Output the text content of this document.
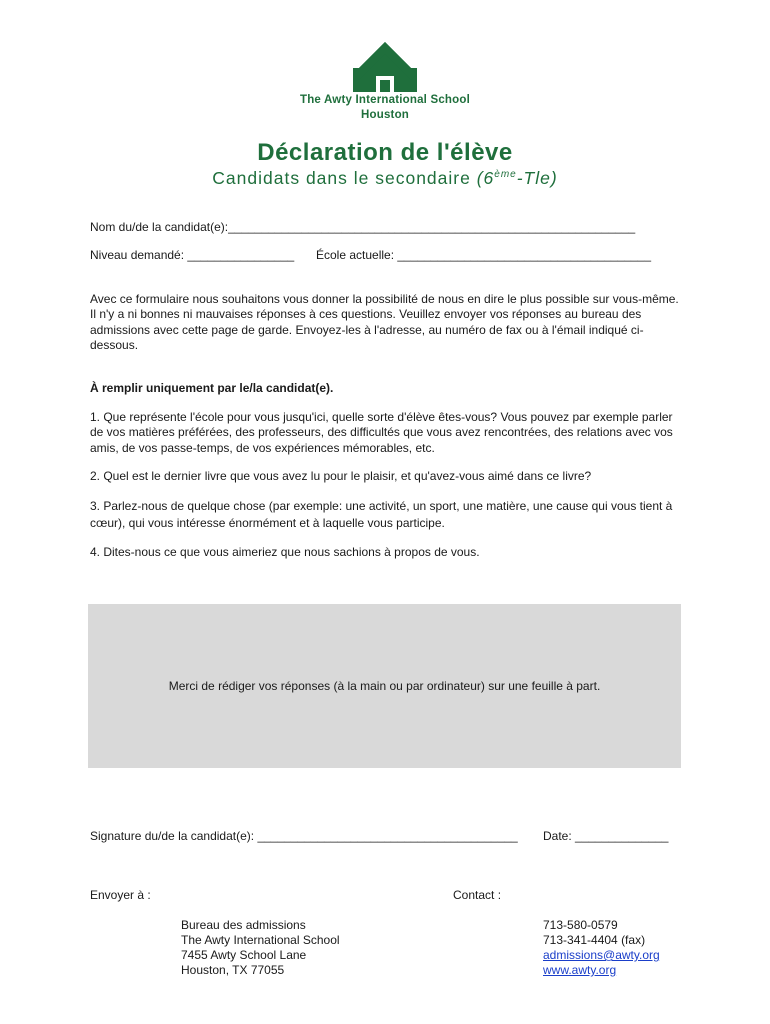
The Awty International School
Houston
Déclaration de l'élève
Candidats dans le secondaire (6ème-Tle)
Nom du/de la candidat(e):_____________________________________________________________
Niveau demandé: ________________ École actuelle: ______________________________________
Avec ce formulaire nous souhaitons vous donner la possibilité de nous en dire le plus possible sur vous-même. Il n'y a ni bonnes ni mauvaises réponses à ces questions. Veuillez envoyer vos réponses au bureau des admissions avec cette page de garde. Envoyez-les à l'adresse, au numéro de fax ou à l'émail indiqué ci-dessous.
À remplir uniquement par le/la candidat(e).
1. Que représente l'école pour vous jusqu'ici, quelle sorte d'élève êtes-vous? Vous pouvez par exemple parler de vos matières préférées, des professeurs, des difficultés que vous avez rencontrées, des relations avec vos amis, de vos passe-temps, de vos expériences mémorables, etc.
2. Quel est le dernier livre que vous avez lu pour le plaisir, et qu'avez-vous aimé dans ce livre?
3. Parlez-nous de quelque chose (par exemple: une activité, un sport, une matière, une cause qui vous tient à cœur), qui vous intéresse énormément et à laquelle vous participe.
4. Dites-nous ce que vous aimeriez que nous sachions à propos de vous.
Merci de rédiger vos réponses (à la main ou par ordinateur) sur une feuille à part.
Signature du/de la candidat(e): _______________________________________ Date: ______________
Envoyer à :	Contact :
Bureau des admissions
The Awty International School
7455 Awty School Lane
Houston, TX 77055
713-580-0579
713-341-4404 (fax)
admissions@awty.org
www.awty.org
